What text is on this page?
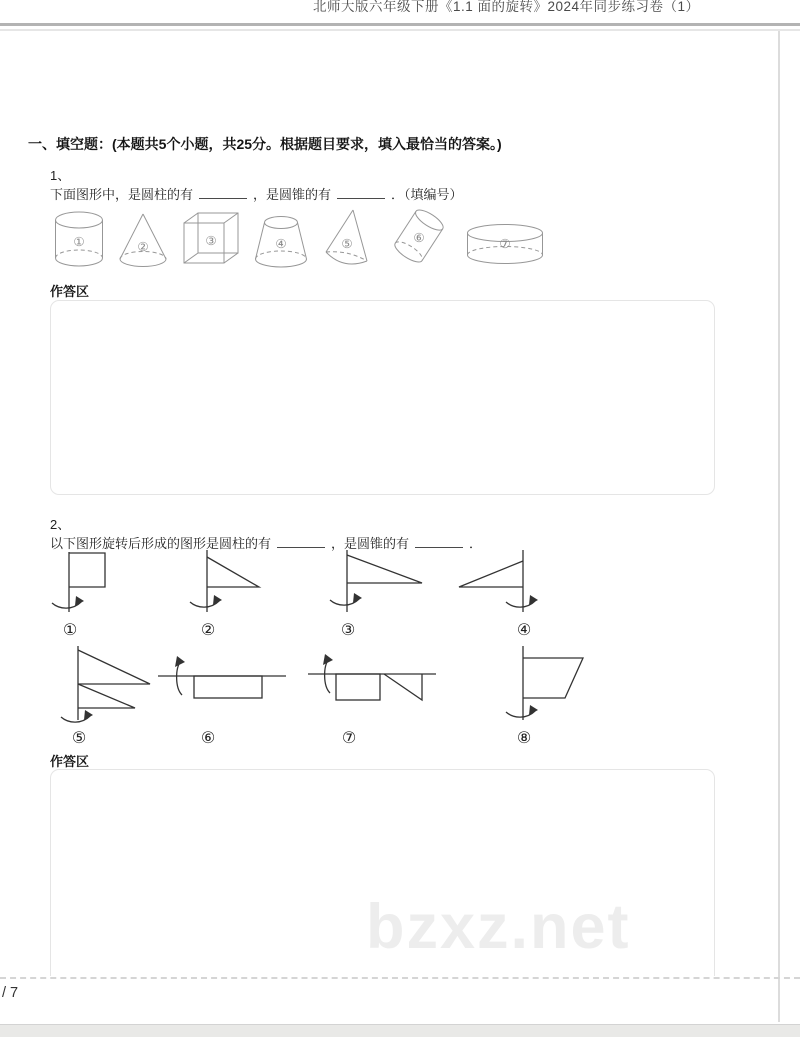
北师大版六年级下册《1.1 面的旋转》2024年同步练习卷（1）
一、填空题：(本题共5个小题，共25分。根据题目要求，填入最恰当的答案。)
1、
下面图形中，是圆柱的有	，是圆锥的有	．（填编号）
①	②	③	④	⑤	⑥	⑦
作答区
2、
以下图形旋转后形成的图形是圆柱的有	，是圆锥的有	．
①	②	③	④
⑤	⑥	⑦	⑧
作答区
bzxz.net
/ 7
